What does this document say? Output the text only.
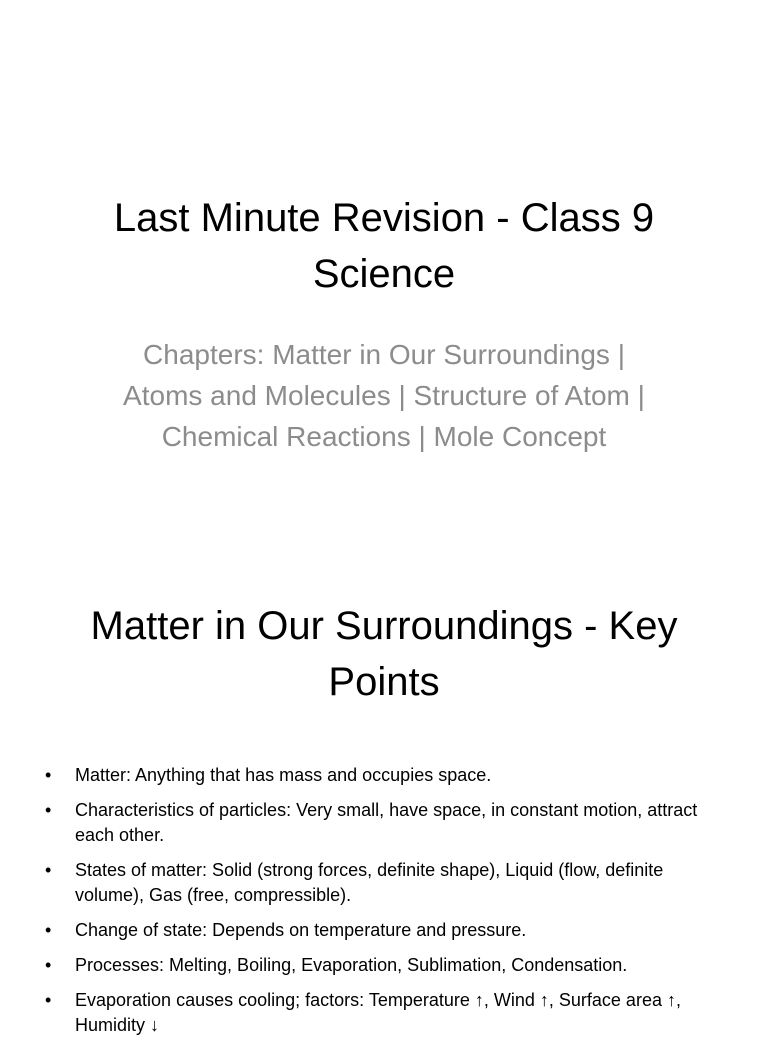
Last Minute Revision - Class 9 Science

Chapters: Matter in Our Surroundings | Atoms and Molecules | Structure of Atom | Chemical Reactions | Mole Concept

Matter in Our Surroundings - Key Points
•	Matter: Anything that has mass and occupies space.
•	Characteristics of particles: Very small, have space, in constant motion, attract each other.
•	States of matter: Solid (strong forces, definite shape), Liquid (flow, definite volume), Gas (free, compressible).
•	Change of state: Depends on temperature and pressure.
•	Processes: Melting, Boiling, Evaporation, Sublimation, Condensation.
•	Evaporation causes cooling; factors: Temperature ↑, Wind ↑, Surface area ↑, Humidity ↓
